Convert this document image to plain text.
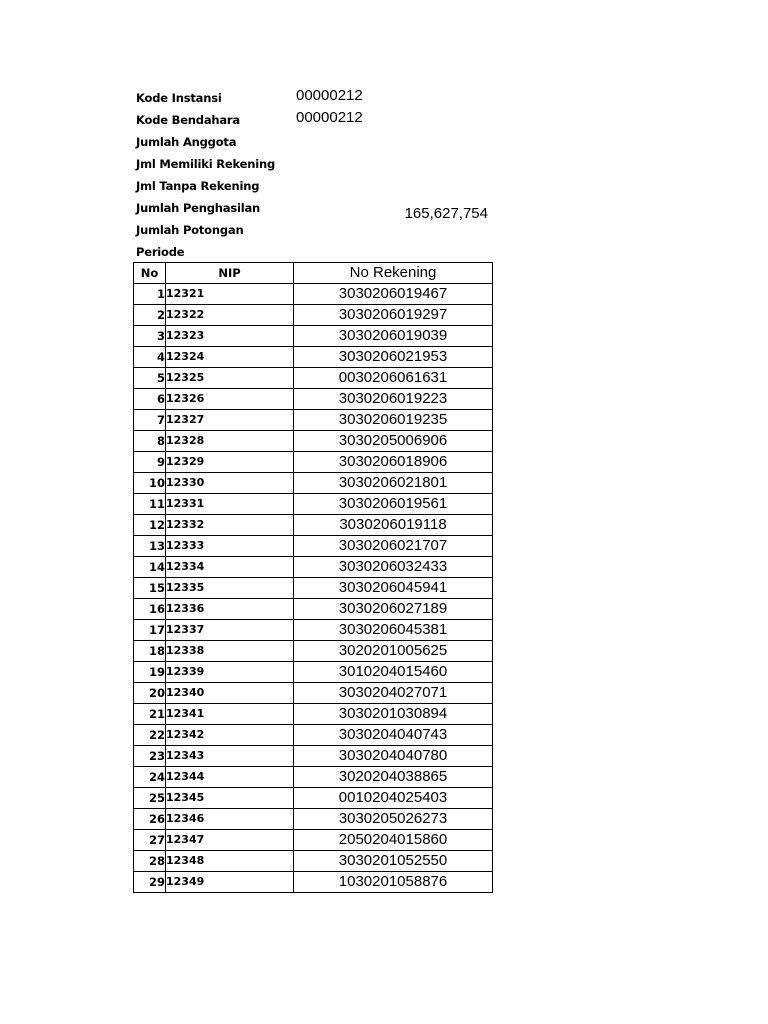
Kode Instansi	00000212
Kode Bendahara	00000212
Jumlah Anggota
Jml Memiliki Rekening
Jml Tanpa Rekening
Jumlah Penghasilan	165,627,754
Jumlah Potongan
Periode
No	NIP	No Rekening
1	12321	3030206019467
2	12322	3030206019297
3	12323	3030206019039
4	12324	3030206021953
5	12325	0030206061631
6	12326	3030206019223
7	12327	3030206019235
8	12328	3030205006906
9	12329	3030206018906
10	12330	3030206021801
11	12331	3030206019561
12	12332	3030206019118
13	12333	3030206021707
14	12334	3030206032433
15	12335	3030206045941
16	12336	3030206027189
17	12337	3030206045381
18	12338	3020201005625
19	12339	3010204015460
20	12340	3030204027071
21	12341	3030201030894
22	12342	3030204040743
23	12343	3030204040780
24	12344	3020204038865
25	12345	0010204025403
26	12346	3030205026273
27	12347	2050204015860
28	12348	3030201052550
29	12349	1030201058876
